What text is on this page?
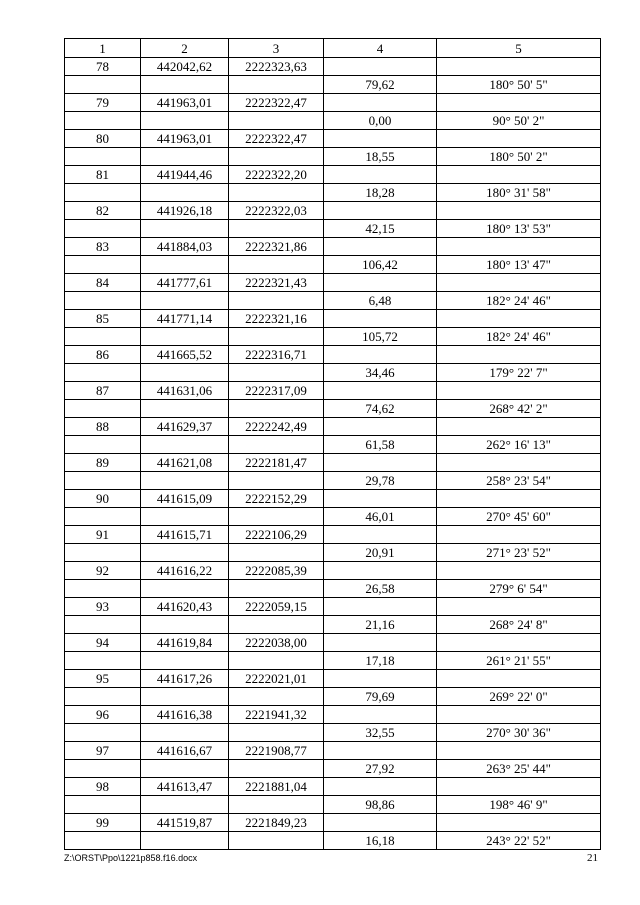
1	2	3	4	5
78	442042,62	2222323,63		
			79,62	180° 50' 5"
79	441963,01	2222322,47		
			0,00	90° 50' 2"
80	441963,01	2222322,47		
			18,55	180° 50' 2"
81	441944,46	2222322,20		
			18,28	180° 31' 58"
82	441926,18	2222322,03		
			42,15	180° 13' 53"
83	441884,03	2222321,86		
			106,42	180° 13' 47"
84	441777,61	2222321,43		
			6,48	182° 24' 46"
85	441771,14	2222321,16		
			105,72	182° 24' 46"
86	441665,52	2222316,71		
			34,46	179° 22' 7"
87	441631,06	2222317,09		
			74,62	268° 42' 2"
88	441629,37	2222242,49		
			61,58	262° 16' 13"
89	441621,08	2222181,47		
			29,78	258° 23' 54"
90	441615,09	2222152,29		
			46,01	270° 45' 60"
91	441615,71	2222106,29		
			20,91	271° 23' 52"
92	441616,22	2222085,39		
			26,58	279° 6' 54"
93	441620,43	2222059,15		
			21,16	268° 24' 8"
94	441619,84	2222038,00		
			17,18	261° 21' 55"
95	441617,26	2222021,01		
			79,69	269° 22' 0"
96	441616,38	2221941,32		
			32,55	270° 30' 36"
97	441616,67	2221908,77		
			27,92	263° 25' 44"
98	441613,47	2221881,04		
			98,86	198° 46' 9"
99	441519,87	2221849,23		
			16,18	243° 22' 52"
Z:\ORST\Ppo\1221p858.f16.docx	21
